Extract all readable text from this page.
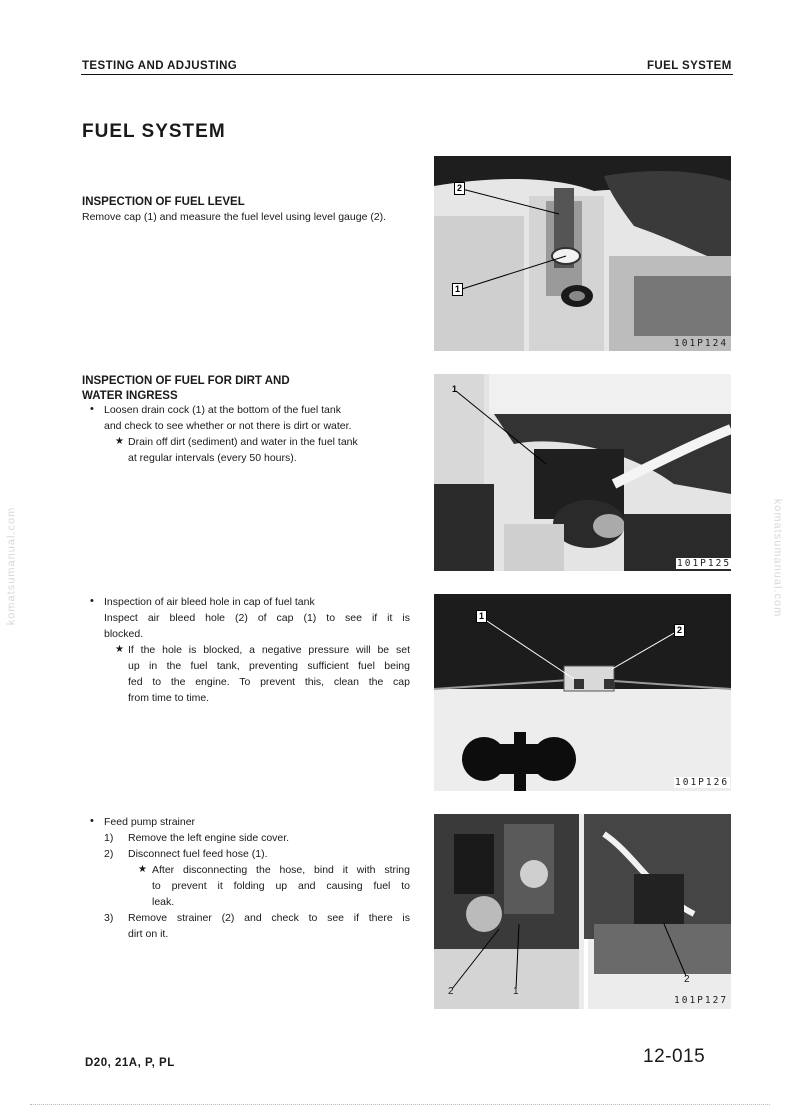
TESTING AND ADJUSTING	FUEL SYSTEM
FUEL SYSTEM
INSPECTION OF FUEL LEVEL
Remove cap (1) and measure the fuel level using level gauge (2).
INSPECTION OF FUEL FOR DIRT AND
WATER INGRESS
• Loosen drain cock (1) at the bottom of the fuel tank
and check to see whether or not there is dirt or water.
★ Drain off dirt (sediment) and water in the fuel tank
at regular intervals (every 50 hours).
• Inspection of air bleed hole in cap of fuel tank
Inspect air bleed hole (2) of cap (1) to see if it is
blocked.
★ If the hole is blocked, a negative pressure will be set
up in the fuel tank, preventing sufficient fuel being
fed to the engine. To prevent this, clean the cap
from time to time.
• Feed pump strainer
1) Remove the left engine side cover.
2) Disconnect fuel feed hose (1).
★ After disconnecting the hose, bind it with string
to prevent it folding up and causing fuel to
leak.
3) Remove strainer (2) and check to see if there is
dirt on it.
2
1
101P124
1
101P125
1
2
101P126
2	1
2
101P127
komatsumanual.com	komatsumanual.com
D20, 21A, P, PL	12-015
